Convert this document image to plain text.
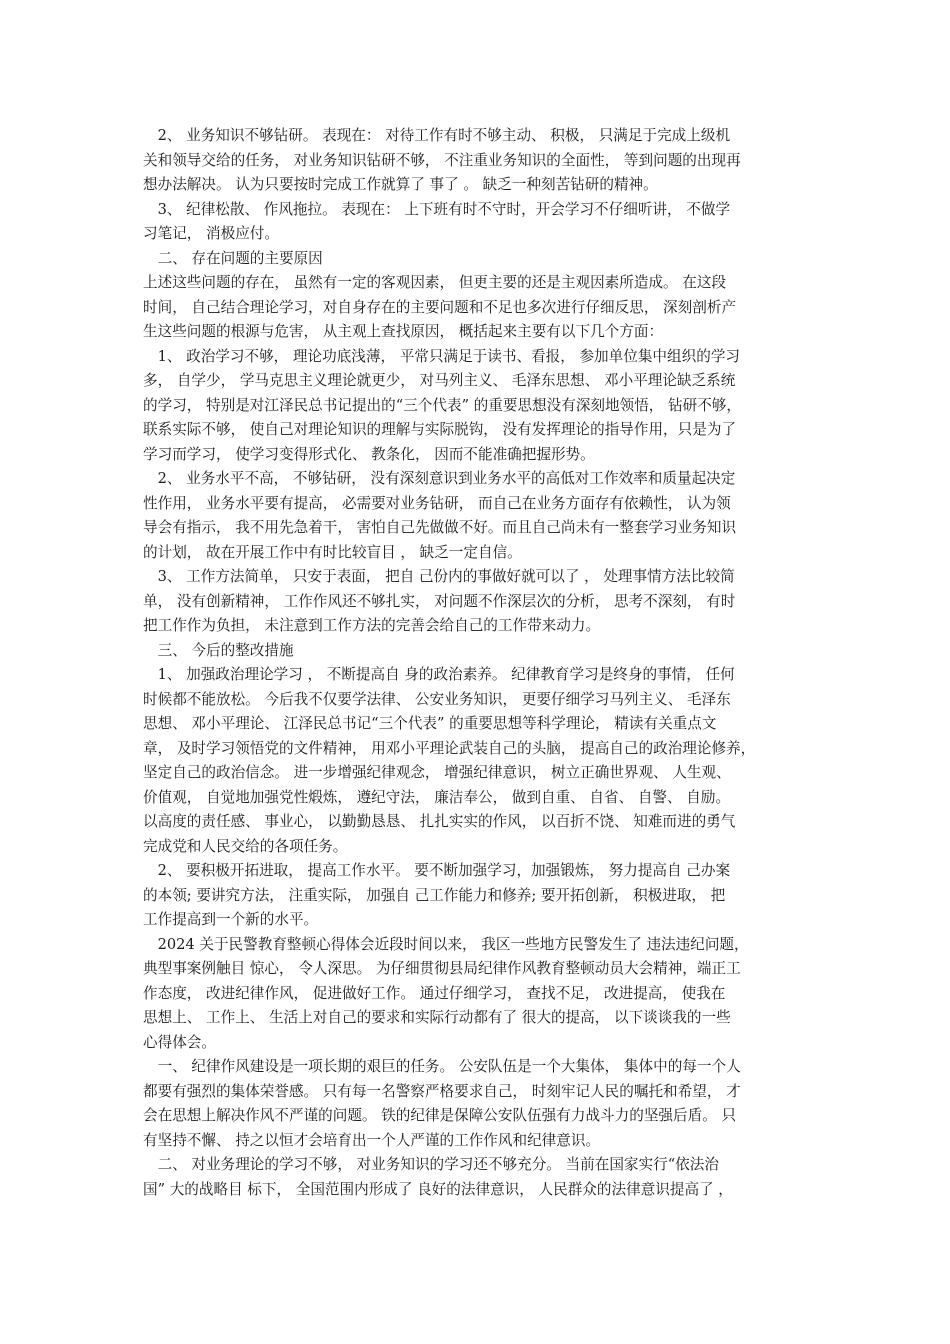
　2、 业务知识不够钻研。 表现在： 对待工作有时不够主动、 积极， 只满足于完成上级机
关和领导交给的任务， 对业务知识钻研不够， 不注重业务知识的全面性， 等到问题的出现再
想办法解决。 认为只要按时完成工作就算了 事了 。 缺乏一种刻苦钻研的精神。
　3、 纪律松散、 作风拖拉。 表现在： 上下班有时不守时，开会学习不仔细听讲， 不做学
习笔记， 消极应付。
　二、 存在问题的主要原因
上述这些问题的存在， 虽然有一定的客观因素， 但更主要的还是主观因素所造成。 在这段
时间， 自己结合理论学习，对自身存在的主要问题和不足也多次进行仔细反思， 深刻剖析产
生这些问题的根源与危害， 从主观上查找原因， 概括起来主要有以下几个方面：
　1、 政治学习不够， 理论功底浅薄， 平常只满足于读书、看报， 参加单位集中组织的学习
多， 自学少， 学马克思主义理论就更少， 对马列主义、 毛泽东思想、 邓小平理论缺乏系统
的学习， 特别是对江泽民总书记提出的“三个代表” 的重要思想没有深刻地领悟， 钻研不够，
联系实际不够， 使自己对理论知识的理解与实际脱钩， 没有发挥理论的指导作用，只是为了
学习而学习， 使学习变得形式化、 教条化， 因而不能准确把握形势。
　2、 业务水平不高， 不够钻研， 没有深刻意识到业务水平的高低对工作效率和质量起决定
性作用， 业务水平要有提高， 必需要对业务钻研， 而自己在业务方面存有依赖性， 认为领
导会有指示， 我不用先急着干， 害怕自己先做做不好。而且自己尚未有一整套学习业务知识
的计划， 故在开展工作中有时比较盲目 ， 缺乏一定自信。
　3、 工作方法简单， 只安于表面， 把自 己份内的事做好就可以了 ， 处理事情方法比较简
单， 没有创新精神， 工作作风还不够扎实， 对问题不作深层次的分析， 思考不深刻， 有时
把工作作为负担， 未注意到工作方法的完善会给自己的工作带来动力。
　三、 今后的整改措施
　1、 加强政治理论学习 ， 不断提高自 身的政治素养。 纪律教育学习是终身的事情， 任何
时候都不能放松。 今后我不仅要学法律、 公安业务知识， 更要仔细学习马列主义、 毛泽东
思想、 邓小平理论、 江泽民总书记“三个代表” 的重要思想等科学理论， 精读有关重点文
章， 及时学习领悟党的文件精神， 用邓小平理论武装自己的头脑， 提高自己的政治理论修养，
坚定自己的政治信念。 进一步增强纪律观念， 增强纪律意识， 树立正确世界观、 人生观、
价值观， 自觉地加强党性煅炼， 遵纪守法， 廉洁奉公， 做到自重、 自省、 自警、 自励。
以高度的责任感、 事业心， 以勤勤恳恳、 扎扎实实的作风， 以百折不饶、 知难而进的勇气
完成党和人民交给的各项任务。
　2、 要积极开拓进取， 提高工作水平。 要不断加强学习，加强锻炼， 努力提高自 己办案
的本领; 要讲究方法， 注重实际， 加强自 己工作能力和修养; 要开拓创新， 积极进取， 把
工作提高到一个新的水平。
　2024 关于民警教育整顿心得体会近段时间以来， 我区一些地方民警发生了 违法违纪问题，
典型事案例触目 惊心， 令人深思。 为仔细贯彻县局纪律作风教育整顿动员大会精神，端正工
作态度， 改进纪律作风， 促进做好工作。 通过仔细学习， 查找不足， 改进提高， 使我在
思想上、 工作上、 生活上对自己的要求和实际行动都有了 很大的提高， 以下谈谈我的一些
心得体会。
　一、 纪律作风建设是一项长期的艰巨的任务。 公安队伍是一个大集体， 集体中的每一个人
都要有强烈的集体荣誉感。 只有每一名警察严格要求自己， 时刻牢记人民的嘱托和希望， 才
会在思想上解决作风不严谨的问题。 铁的纪律是保障公安队伍强有力战斗力的坚强后盾。 只
有坚持不懈、 持之以恒才会培育出一个人严谨的工作作风和纪律意识。
　二、 对业务理论的学习不够， 对业务知识的学习还不够充分。 当前在国家实行“依法治
国” 大的战略目 标下， 全国范围内形成了 良好的法律意识， 人民群众的法律意识提高了 ，
